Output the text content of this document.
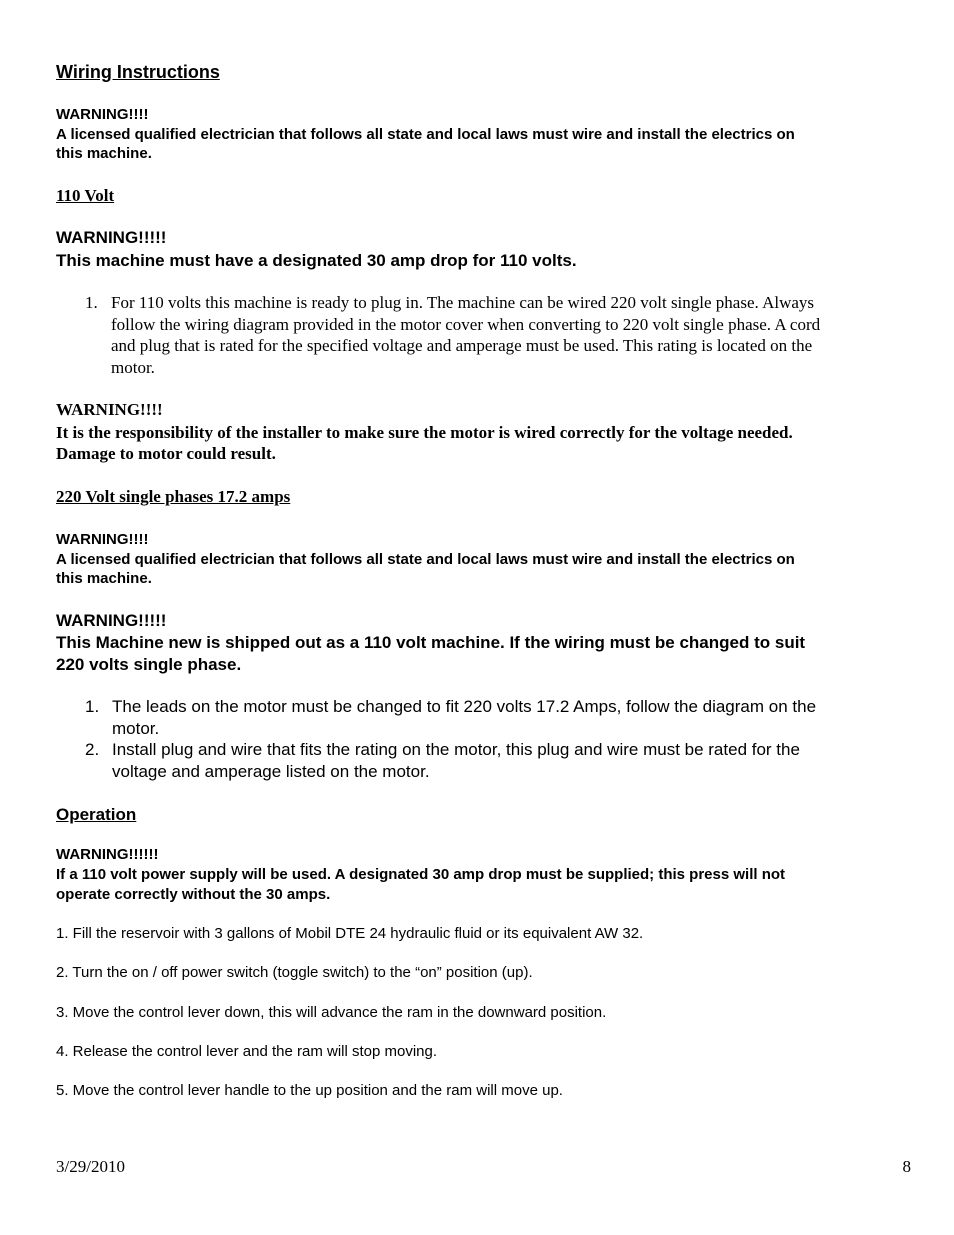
Wiring Instructions
WARNING!!!!
A licensed qualified electrician that follows all state and local laws must wire and install the electrics on
this machine.
110 Volt
WARNING!!!!!
This machine must have a designated 30 amp drop for 110 volts.
1. For 110 volts this machine is ready to plug in. The machine can be wired 220 volt single phase. Always
follow the wiring diagram provided in the motor cover when converting to 220 volt single phase. A cord
and plug that is rated for the specified voltage and amperage must be used. This rating is located on the
motor.
WARNING!!!!
It is the responsibility of the installer to make sure the motor is wired correctly for the voltage needed.
Damage to motor could result.
220 Volt single phases 17.2 amps
WARNING!!!!
A licensed qualified electrician that follows all state and local laws must wire and install the electrics on
this machine.
WARNING!!!!!
This Machine new is shipped out as a 110 volt machine. If the wiring must be changed to suit
220 volts single phase.
1. The leads on the motor must be changed to fit 220 volts 17.2 Amps, follow the diagram on the
motor.
2. Install plug and wire that fits the rating on the motor, this plug and wire must be rated for the
voltage and amperage listed on the motor.
Operation
WARNING!!!!!!
If a 110 volt power supply will be used. A designated 30 amp drop must be supplied; this press will not
operate correctly without the 30 amps.
1. Fill the reservoir with 3 gallons of Mobil DTE 24 hydraulic fluid or its equivalent AW 32.
2. Turn the on / off power switch (toggle switch) to the “on” position (up).
3. Move the control lever down, this will advance the ram in the downward position.
4. Release the control lever and the ram will stop moving.
5. Move the control lever handle to the up position and the ram will move up.
3/29/2010	8
